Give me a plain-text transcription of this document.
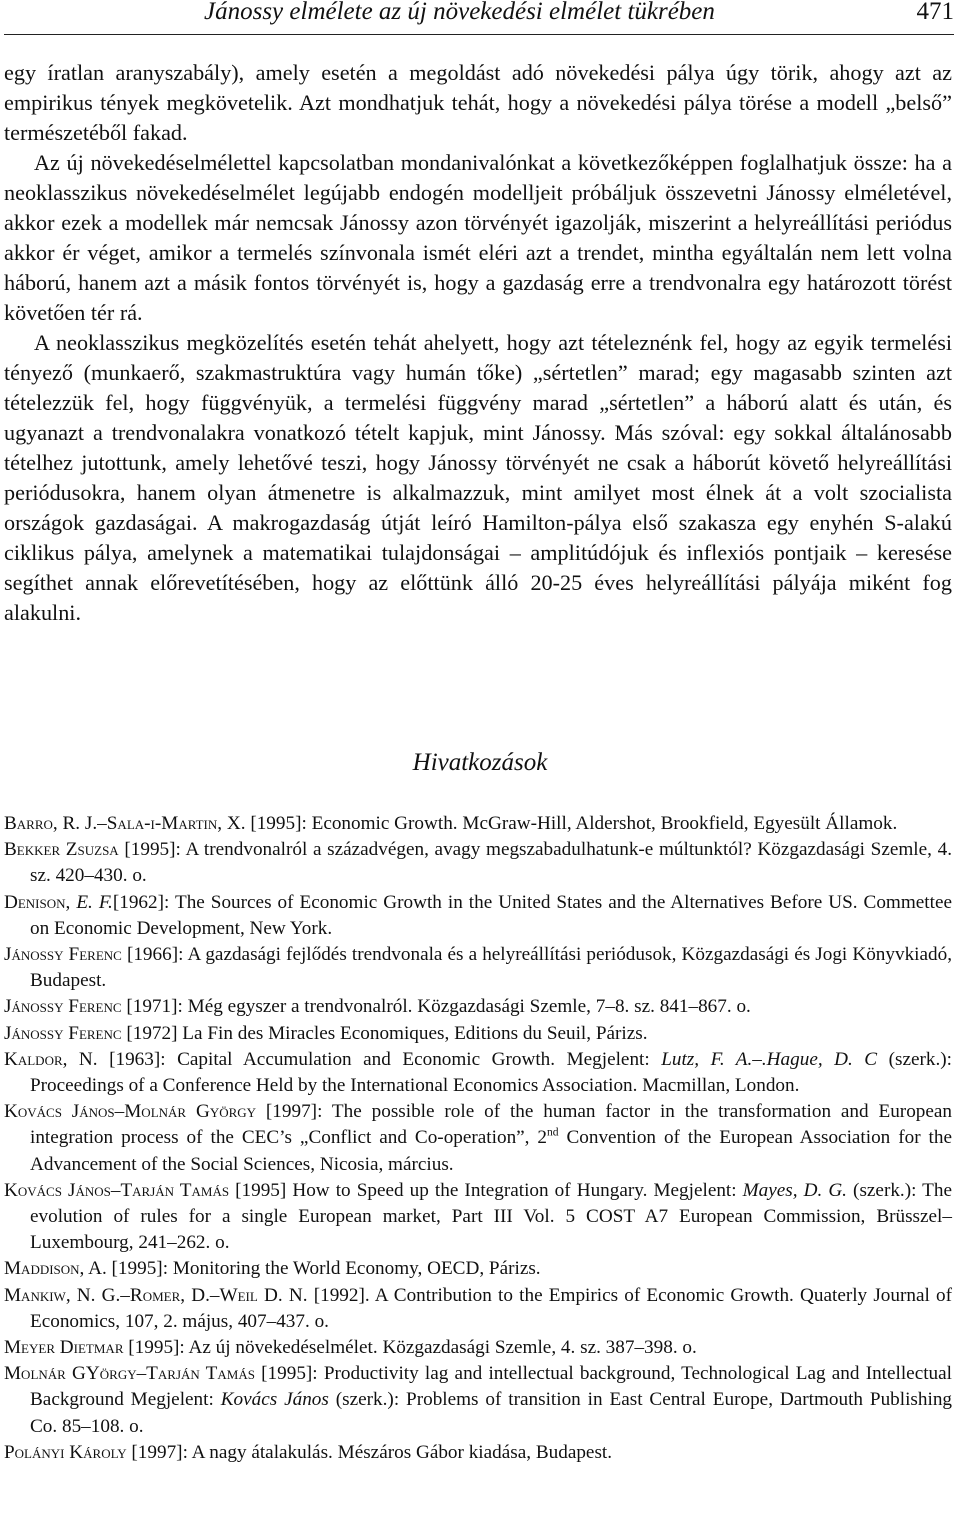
Jánossy elmélete az új növekedési elmélet tükrében	471

egy íratlan aranyszabály), amely esetén a megoldást adó növekedési pálya úgy törik, ahogy azt az empirikus tények megkövetelik. Azt mondhatjuk tehát, hogy a növekedési pálya törése a modell „belső” természetéből fakad.

Az új növekedéselmélettel kapcsolatban mondanivalónkat a következőképpen foglalhatjuk össze: ha a neoklasszikus növekedéselmélet legújabb endogén modelljeit próbáljuk összevetni Jánossy elméletével, akkor ezek a modellek már nemcsak Jánossy azon törvényét igazolják, miszerint a helyreállítási periódus akkor ér véget, amikor a termelés színvonala ismét eléri azt a trendet, mintha egyáltalán nem lett volna háború, hanem azt a másik fontos törvényét is, hogy a gazdaság erre a trendvonalra egy határozott törést követően tér rá.

A neoklasszikus megközelítés esetén tehát ahelyett, hogy azt tételeznénk fel, hogy az egyik termelési tényező (munkaerő, szakmastruktúra vagy humán tőke) „sértetlen” marad; egy magasabb szinten azt tételezzük fel, hogy függvényük, a termelési függvény marad „sértetlen” a háború alatt és után, és ugyanazt a trendvonalakra vonatkozó tételt kapjuk, mint Jánossy. Más szóval: egy sokkal általánosabb tételhez jutottunk, amely lehetővé teszi, hogy Jánossy törvényét ne csak a háborút követő helyreállítási periódusokra, hanem olyan átmenetre is alkalmazzuk, mint amilyet most élnek át a volt szocialista országok gazdaságai. A makrogazdaság útját leíró Hamilton-pálya első szakasza egy enyhén S-alakú ciklikus pálya, amelynek a matematikai tulajdonságai – amplitúdójuk és inflexiós pontjaik – keresése segíthet annak előrevetítésében, hogy az előttünk álló 20-25 éves helyreállítási pályája miként fog alakulni.

Hivatkozások

Barro, R. J.–Sala-i-Martin, X. [1995]: Economic Growth. McGraw-Hill, Aldershot, Brookfield, Egyesült Államok.

Bekker Zsuzsa [1995]: A trendvonalról a századvégen, avagy megszabadulhatunk-e múltunktól? Közgazdasági Szemle, 4. sz. 420–430. o.

Denison, E. F.[1962]: The Sources of Economic Growth in the United States and the Alternatives Before US. Commettee on Economic Development, New York.

Jánossy Ferenc [1966]: A gazdasági fejlődés trendvonala és a helyreállítási periódusok, Közgazdasági és Jogi Könyvkiadó, Budapest.

Jánossy Ferenc [1971]: Még egyszer a trendvonalról. Közgazdasági Szemle, 7–8. sz. 841–867. o.

Jánossy Ferenc [1972] La Fin des Miracles Economiques, Editions du Seuil, Párizs.

Kaldor, N. [1963]: Capital Accumulation and Economic Growth. Megjelent: Lutz, F. A.–.Hague, D. C (szerk.): Proceedings of a Conference Held by the International Economics Association. Macmillan, London.

Kovács János–Molnár György [1997]: The possible role of the human factor in the transformation and European integration process of the CEC’s „Conflict and Co-operation”, 2nd Convention of the European Association for the Advancement of the Social Sciences, Nicosia, március.

Kovács János–Tarján Tamás [1995] How to Speed up the Integration of Hungary. Megjelent: Mayes, D. G. (szerk.): The evolution of rules for a single European market, Part III Vol. 5 COST A7 European Commission, Brüsszel–Luxembourg, 241–262. o.

Maddison, A. [1995]: Monitoring the World Economy, OECD, Párizs.

Mankiw, N. G.–Romer, D.–Weil D. N. [1992]. A Contribution to the Empirics of Economic Growth. Quaterly Journal of Economics, 107, 2. május, 407–437. o.

Meyer Dietmar [1995]: Az új növekedéselmélet. Közgazdasági Szemle, 4. sz. 387–398. o.

Molnár GYörgy–Tarján Tamás [1995]: Productivity lag and intellectual background, Technological Lag and Intellectual Background Megjelent: Kovács János (szerk.): Problems of transition in East Central Europe, Dartmouth Publishing Co. 85–108. o.

Polányi Károly [1997]: A nagy átalakulás. Mészáros Gábor kiadása, Budapest.
